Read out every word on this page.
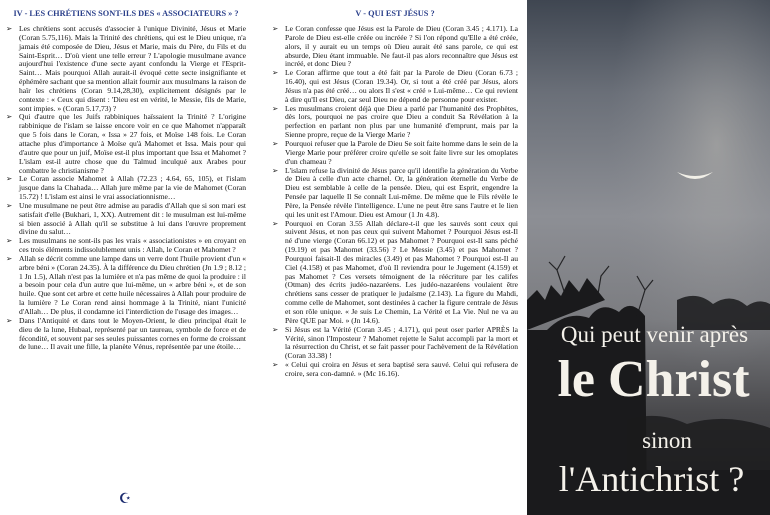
IV - LES CHRÉTIENS SONT-ILS DES « ASSOCIATEURS » ?
➢ Les chrétiens sont accusés d'associer à l'unique Divinité, Jésus et Marie (Coran 5.75,116). Mais la Trinité des chrétiens, qui est le Dieu unique, n'a jamais été composée de Dieu, Jésus et Marie, mais du Père, du Fils et du Saint-Esprit… D'où vient une telle erreur ? L'apologie musulmane avance aujourd'hui l'existence d'une secte ayant confondu la Vierge et l'Esprit-Saint… Mais pourquoi Allah aurait-il évoqué cette secte insignifiante et éphémère sachant que sa mention allait fournir aux musulmans la raison de haïr les chrétiens (Coran 9.14,28,30), explicitement désignés par le contexte : « Ceux qui disent : 'Dieu est en vérité, le Messie, fils de Marie, sont impies. » (Coran 5.17,73) ?
➢ Qui d'autre que les Juifs rabbiniques haïssaient la Trinité ? L'origine rabbinique de l'islam se laisse encore voir en ce que Mahomet n'apparaît que 5 fois dans le Coran, « Issa » 27 fois, et Moïse 148 fois. Le Coran attache plus d'importance à Moïse qu'à Mahomet et Issa. Mais pour qui d'autre que pour un juif, Moïse est-il plus important que Issa et Mahomet ? L'islam est-il autre chose que du Talmud inculqué aux Arabes pour combattre le christianisme ?
➢ Le Coran associe Mahomet à Allah (72.23 ; 4.64, 65, 105), et l'islam jusque dans la Chahada… Allah jure même par la vie de Mahomet (Coran 15.72) ! L'islam est ainsi le vrai associationnisme…
➢ Une musulmane ne peut être admise au paradis d'Allah que si son mari est satisfait d'elle (Bukhari, 1, XX). Autrement dit : le musulman est lui-même si bien associé à Allah qu'il se substitue à lui dans l'œuvre proprement divine du salut…
➢ Les musulmans ne sont-ils pas les vrais « associationistes » en croyant en ces trois éléments indissolublement unis : Allah, le Coran et Mahomet ?
➢ Allah se décrit comme une lampe dans un verre dont l'huile provient d'un « arbre béni » (Coran 24.35). À la différence du Dieu chrétien (Jn 1.9 ; 8.12 ; 1 Jn 1.5), Allah n'est pas la lumière et n'a pas même de quoi la produire : il a besoin pour cela d'un autre que lui-même, un « arbre béni », et de son huile. Que sont cet arbre et cette huile nécessaires à Allah pour produire de la lumière ? Le Coran rend ainsi hommage à la Trinité, niant l'unicité d'Allah… De plus, il condamne ici l'interdiction de l'usage des images…
➢ Dans l'Antiquité et dans tout le Moyen-Orient, le dieu principal était le dieu de la lune, Hubaal, représenté par un taureau, symbole de force et de fécondité, et souvent par ses seules puissantes cornes en forme de croissant de lune… Il avait une fille, la planète Vénus, représentée par une étoile…
☪
V - QUI EST JÉSUS ?
➢ Le Coran confesse que Jésus est la Parole de Dieu (Coran 3.45 ; 4.171). La Parole de Dieu est-elle créée ou incréée ? Si l'on répond qu'Elle a été créée, alors, il y aurait eu un temps où Dieu aurait été sans parole, ce qui est absurde, Dieu étant immuable. Ne faut-il pas alors reconnaître que Jésus est incréé, et donc Dieu ?
➢ Le Coran affirme que tout a été fait par la Parole de Dieu (Coran 6.73 ; 16.40), qui est Jésus (Coran 19.34). Or, si tout a été créé par Jésus, alors Jésus n'a pas été créé… ou alors Il s'est « créé » Lui-même… Ce qui revient à dire qu'Il est Dieu, car seul Dieu ne dépend de personne pour exister.
➢ Les musulmans croient déjà que Dieu a parlé par l'humanité des Prophètes, dès lors, pourquoi ne pas croire que Dieu a conduit Sa Révélation à la perfection en parlant non plus par une humanité d'emprunt, mais par la Sienne propre, reçue de la Vierge Marie ?
➢ Pourquoi refuser que la Parole de Dieu Se soit faite homme dans le sein de la Vierge Marie pour préférer croire qu'elle se soit faite livre sur les omoplates d'un chameau ?
➢ L'islam refuse la divinité de Jésus parce qu'il identifie la génération du Verbe de Dieu à celle d'un acte charnel. Or, la génération éternelle du Verbe de Dieu est semblable à celle de la pensée. Dieu, qui est Esprit, engendre la Pensée par laquelle Il Se connaît Lui-même. De même que le Fils révèle le Père, la Pensée révèle l'intelligence. L'une ne peut être sans l'autre et le lien qui les unit est l'Amour. Dieu est Amour (1 Jn 4.8).
➢ Pourquoi en Coran 3.55 Allah déclare-t-il que les sauvés sont ceux qui suivent Jésus, et non pas ceux qui suivent Mahomet ? Pourquoi Jésus est-Il né d'une vierge (Coran 66.12) et pas Mahomet ? Pourquoi est-Il sans péché (19.19) et pas Mahomet (33.56) ? Le Messie (3.45) et pas Mahomet ? Pourquoi faisait-Il des miracles (3.49) et pas Mahomet ? Pourquoi est-Il au Ciel (4.158) et pas Mahomet, d'où Il reviendra pour le Jugement (4.159) et pas Mahomet ? Ces versets témoignent de la réécriture par les califes (Otman) des écrits judéo-nazaréens. Les judéo-nazaréens voulaient être chrétiens sans cesser de pratiquer le judaïsme (2.143). La figure du Mahdi, comme celle de Mahomet, sont destinées à cacher la figure centrale de Jésus et son rôle unique. « Je suis Le Chemin, La Vérité et La Vie. Nul ne va au Père QUE par Moi. » (Jn 14.6).
➢ Si Jésus est la Vérité (Coran 3.45 ; 4.171), qui peut oser parler APRÈS la Vérité, sinon l'Imposteur ? Mahomet rejette le Salut accompli par la mort et la résurrection du Christ, et se fait passer pour l'achèvement de la Révélation (Coran 33.38) !
➢ « Celui qui croira en Jésus et sera baptisé sera sauvé. Celui qui refusera de croire, sera con-damné. » (Mc 16.16).
Qui peut venir après
le Christ
sinon
l'Antichrist ?
